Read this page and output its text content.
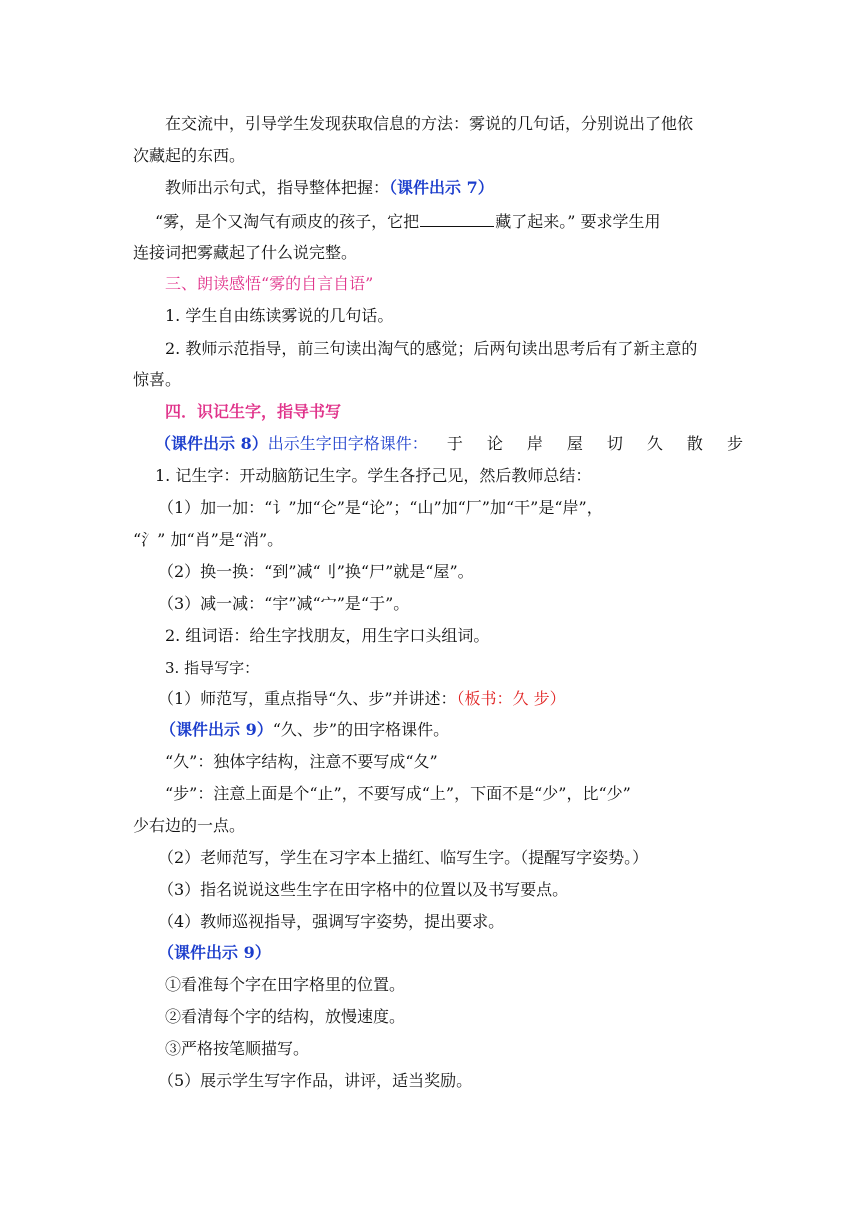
在交流中，引导学生发现获取信息的方法：雾说的几句话，分别说出了他依
次藏起的东西。
教师出示句式，指导整体把握：（课件出示 7）
“雾，是个又淘气有顽皮的孩子，它把	藏了起来。” 要求学生用
连接词把雾藏起了什么说完整。
三、朗读感悟“雾的自言自语”
1. 学生自由练读雾说的几句话。
2. 教师示范指导，前三句读出淘气的感觉；后两句读出思考后有了新主意的
惊喜。
四．识记生字，指导书写
（课件出示 8）出示生字田字格课件： 于 论 岸 屋 切 久 散 步
1. 记生字：开动脑筋记生字。学生各抒己见，然后教师总结：
（1）加一加：“讠”加“仑”是“论”；“山”加“厂”加“干”是“岸”，
“氵” 加“肖”是“消”。
（2）换一换：“到”减“刂”换“尸”就是“屋”。
（3）减一减：“宇”减“宀”是“于”。
2. 组词语：给生字找朋友，用生字口头组词。
3. 指导写字：
（1）师范写，重点指导“久、步”并讲述：（板书：久 步）
（课件出示 9）“久、步”的田字格课件。
“久”：独体字结构，注意不要写成“夂”
“步”：注意上面是个“止”，不要写成“上”，下面不是“少”，比“少”
少右边的一点。
（2）老师范写，学生在习字本上描红、临写生字。（提醒写字姿势。）
（3）指名说说这些生字在田字格中的位置以及书写要点。
（4）教师巡视指导，强调写字姿势，提出要求。
（课件出示 9）
①看准每个字在田字格里的位置。
②看清每个字的结构，放慢速度。
③严格按笔顺描写。
（5）展示学生写字作品，讲评，适当奖励。
